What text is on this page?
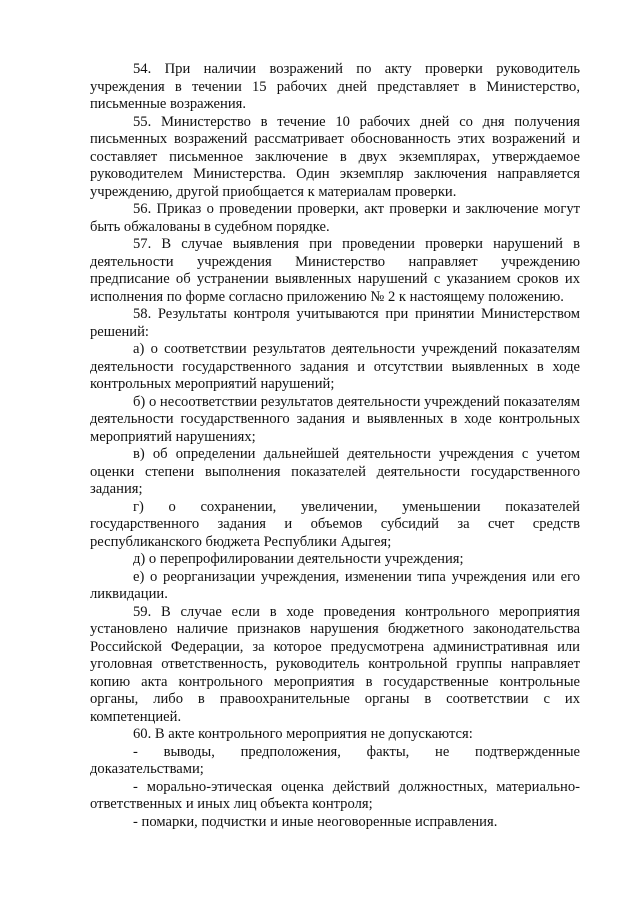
54. При наличии возражений по акту проверки руководитель учреждения в течении 15 рабочих дней представляет в Министерство, письменные возражения.

55. Министерство в течение 10 рабочих дней со дня получения письменных возражений рассматривает обоснованность этих возражений и составляет письменное заключение в двух экземплярах, утверждаемое руководителем Министерства. Один экземпляр заключения направляется учреждению, другой приобщается к материалам проверки.

56. Приказ о проведении проверки, акт проверки и заключение могут быть обжалованы в судебном порядке.

57. В случае выявления при проведении проверки нарушений в деятельности учреждения Министерство направляет учреждению предписание об устранении выявленных нарушений с указанием сроков их исполнения по форме согласно приложению № 2 к настоящему положению.

58. Результаты контроля учитываются при принятии Министерством решений:

а) о соответствии результатов деятельности учреждений показателям деятельности государственного задания и отсутствии выявленных в ходе контрольных мероприятий нарушений;

б) о несоответствии результатов деятельности учреждений показателям деятельности государственного задания и выявленных в ходе контрольных мероприятий нарушениях;

в) об определении дальнейшей деятельности учреждения с учетом оценки степени выполнения показателей деятельности государственного задания;

г) о сохранении, увеличении, уменьшении показателей государственного задания и объемов субсидий за счет средств республиканского бюджета Республики Адыгея;

д) о перепрофилировании деятельности учреждения;

е) о реорганизации учреждения, изменении типа учреждения или его ликвидации.

59. В случае если в ходе проведения контрольного мероприятия установлено наличие признаков нарушения бюджетного законодательства Российской Федерации, за которое предусмотрена административная или уголовная ответственность, руководитель контрольной группы направляет копию акта контрольного мероприятия в государственные контрольные органы, либо в правоохранительные органы в соответствии с их компетенцией.

60. В акте контрольного мероприятия не допускаются:

- выводы, предположения, факты, не подтвержденные доказательствами;

- морально-этическая оценка действий должностных, материально-ответственных и иных лиц объекта контроля;

- помарки, подчистки и иные неоговоренные исправления.
